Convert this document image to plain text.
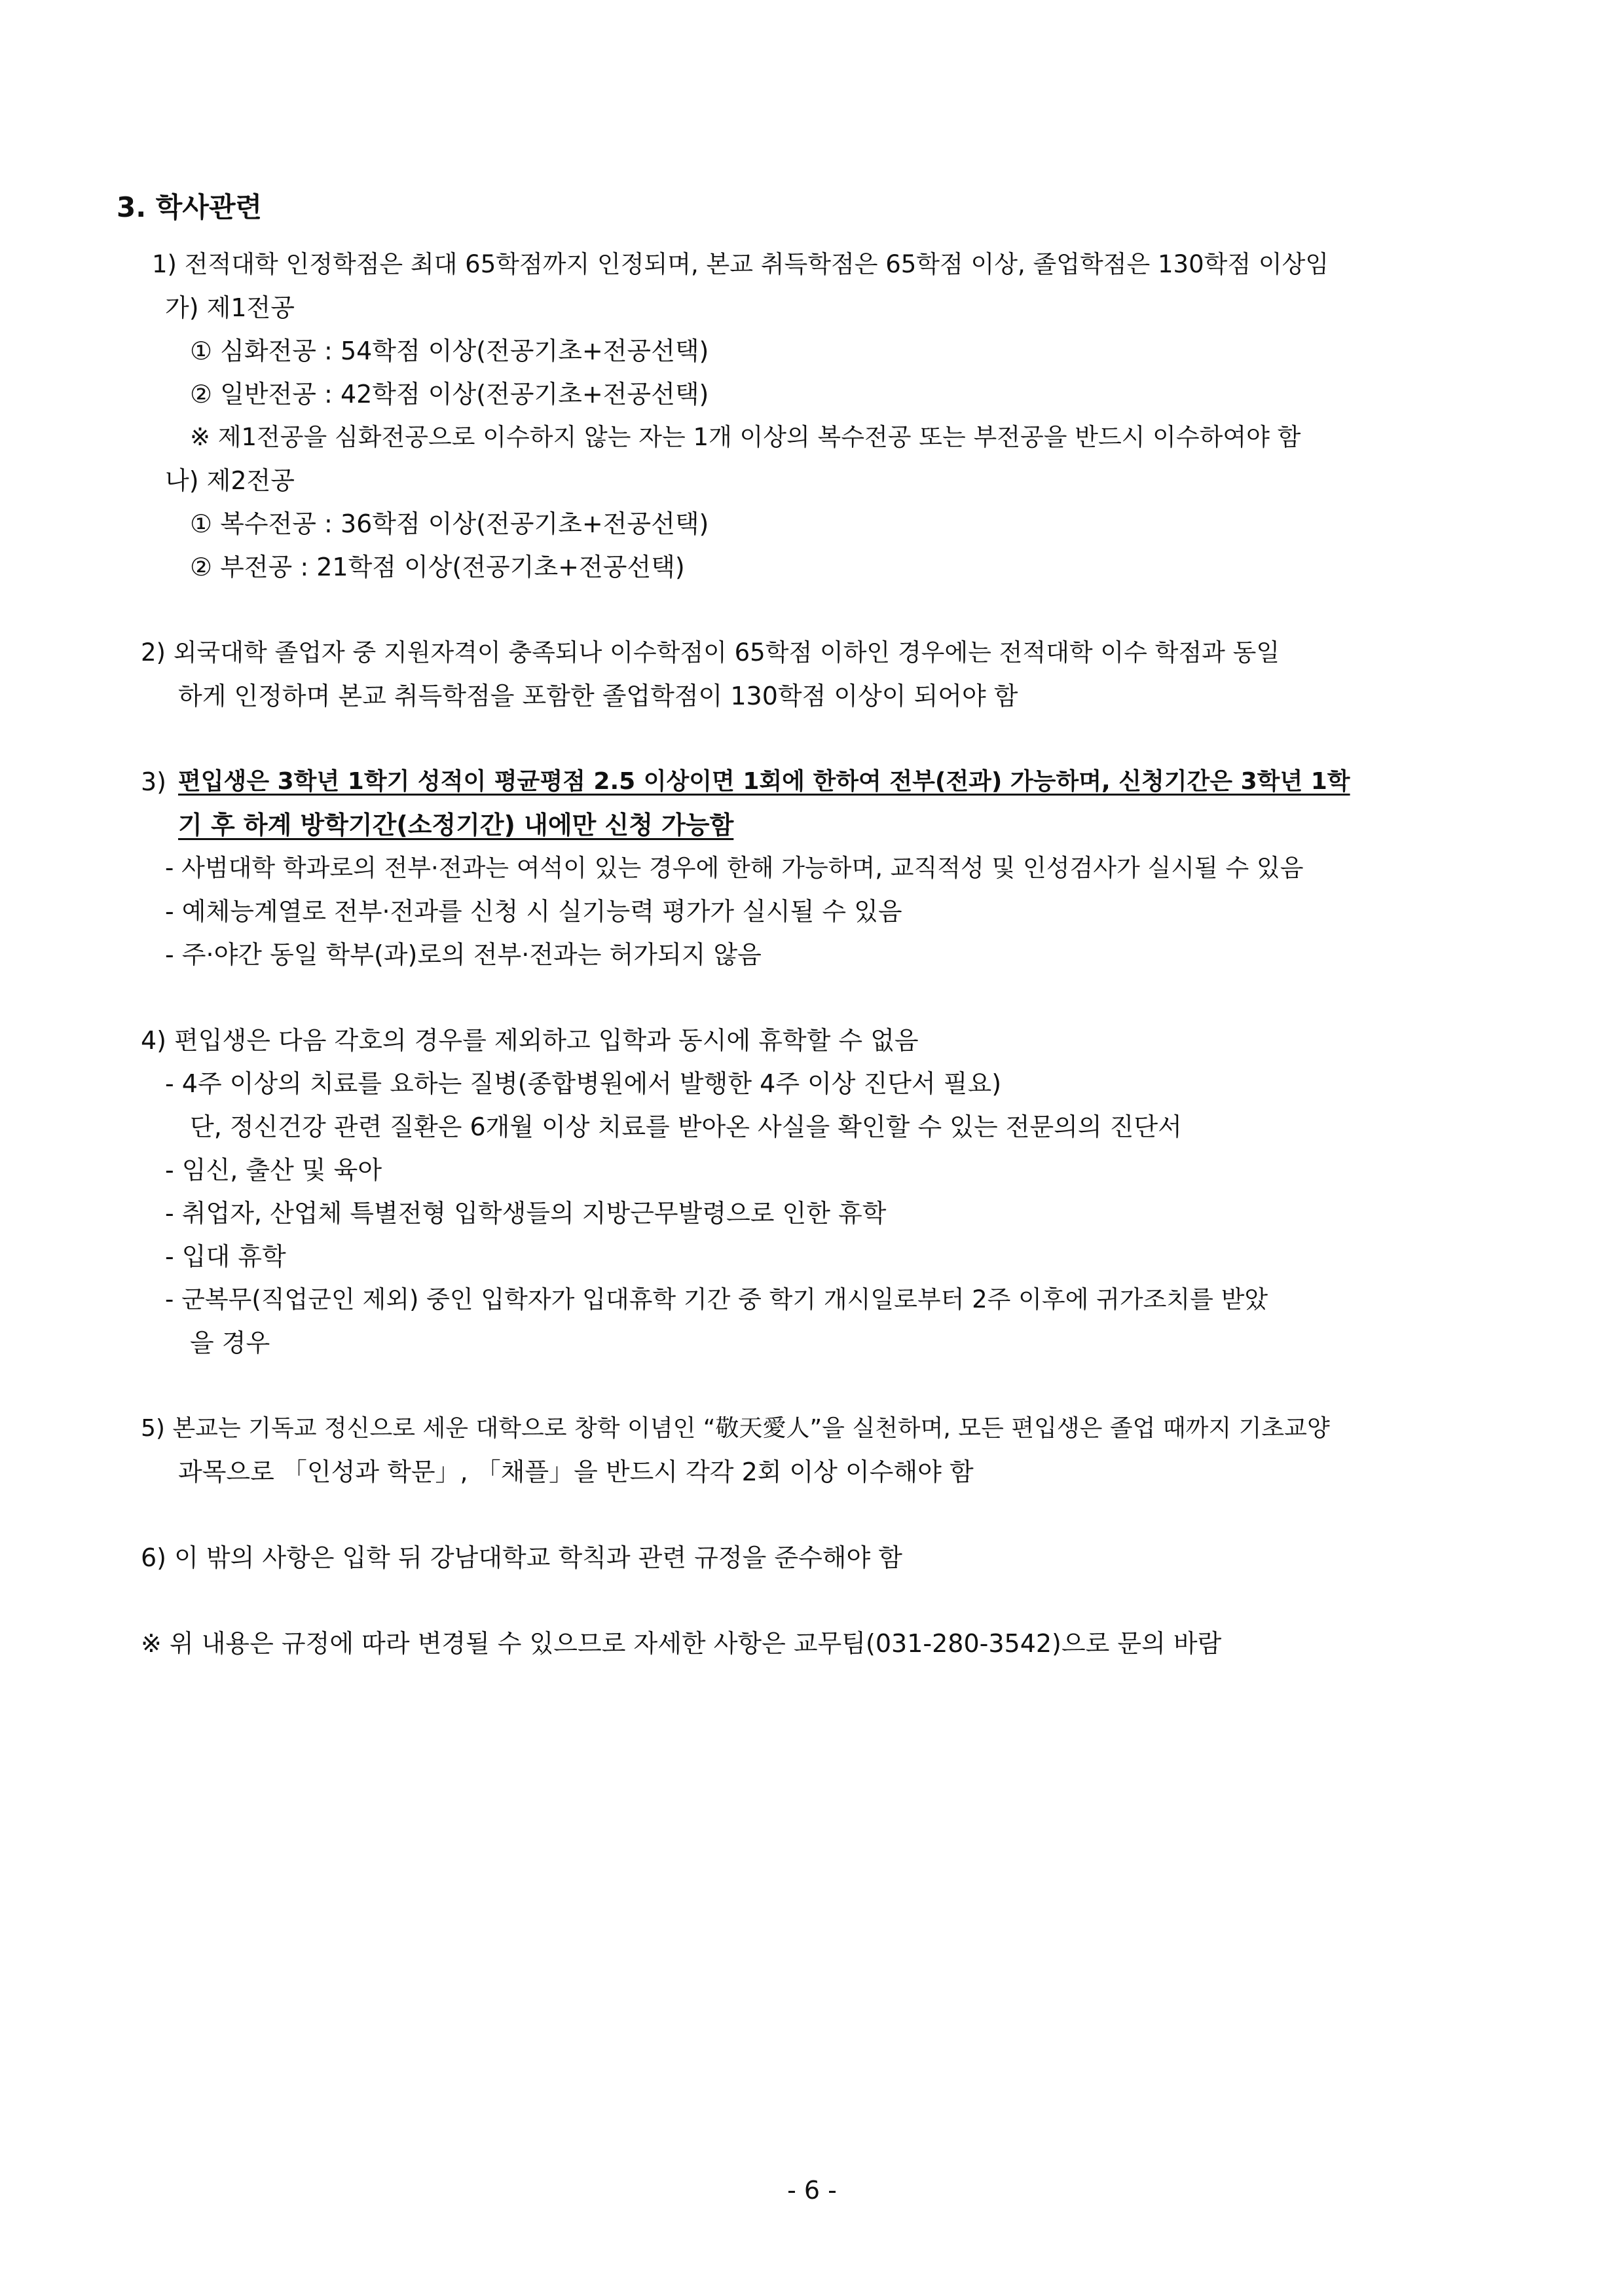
3. 학사관련
1) 전적대학 인정학점은 최대 65학점까지 인정되며, 본교 취득학점은 65학점 이상, 졸업학점은 130학점 이상임
가) 제1전공
① 심화전공 : 54학점 이상(전공기초+전공선택)
② 일반전공 : 42학점 이상(전공기초+전공선택)
※ 제1전공을 심화전공으로 이수하지 않는 자는 1개 이상의 복수전공 또는 부전공을 반드시 이수하여야 함
나) 제2전공
① 복수전공 : 36학점 이상(전공기초+전공선택)
② 부전공 : 21학점 이상(전공기초+전공선택)
2) 외국대학 졸업자 중 지원자격이 충족되나 이수학점이 65학점 이하인 경우에는 전적대학 이수 학점과 동일
하게 인정하며 본교 취득학점을 포함한 졸업학점이 130학점 이상이 되어야 함
3) 편입생은 3학년 1학기 성적이 평균평점 2.5 이상이면 1회에 한하여 전부(전과) 가능하며, 신청기간은 3학년 1학
기 후 하계 방학기간(소정기간) 내에만 신청 가능함
- 사범대학 학과로의 전부·전과는 여석이 있는 경우에 한해 가능하며, 교직적성 및 인성검사가 실시될 수 있음
- 예체능계열로 전부·전과를 신청 시 실기능력 평가가 실시될 수 있음
- 주·야간 동일 학부(과)로의 전부·전과는 허가되지 않음
4) 편입생은 다음 각호의 경우를 제외하고 입학과 동시에 휴학할 수 없음
- 4주 이상의 치료를 요하는 질병(종합병원에서 발행한 4주 이상 진단서 필요)
단, 정신건강 관련 질환은 6개월 이상 치료를 받아온 사실을 확인할 수 있는 전문의의 진단서
- 임신, 출산 및 육아
- 취업자, 산업체 특별전형 입학생들의 지방근무발령으로 인한 휴학
- 입대 휴학
- 군복무(직업군인 제외) 중인 입학자가 입대휴학 기간 중 학기 개시일로부터 2주 이후에 귀가조치를 받았
을 경우
5) 본교는 기독교 정신으로 세운 대학으로 창학 이념인 “敬天愛人”을 실천하며, 모든 편입생은 졸업 때까지 기초교양
과목으로 「인성과 학문」, 「채플」을 반드시 각각 2회 이상 이수해야 함
6) 이 밖의 사항은 입학 뒤 강남대학교 학칙과 관련 규정을 준수해야 함
※ 위 내용은 규정에 따라 변경될 수 있으므로 자세한 사항은 교무팀(031-280-3542)으로 문의 바람
- 6 -
